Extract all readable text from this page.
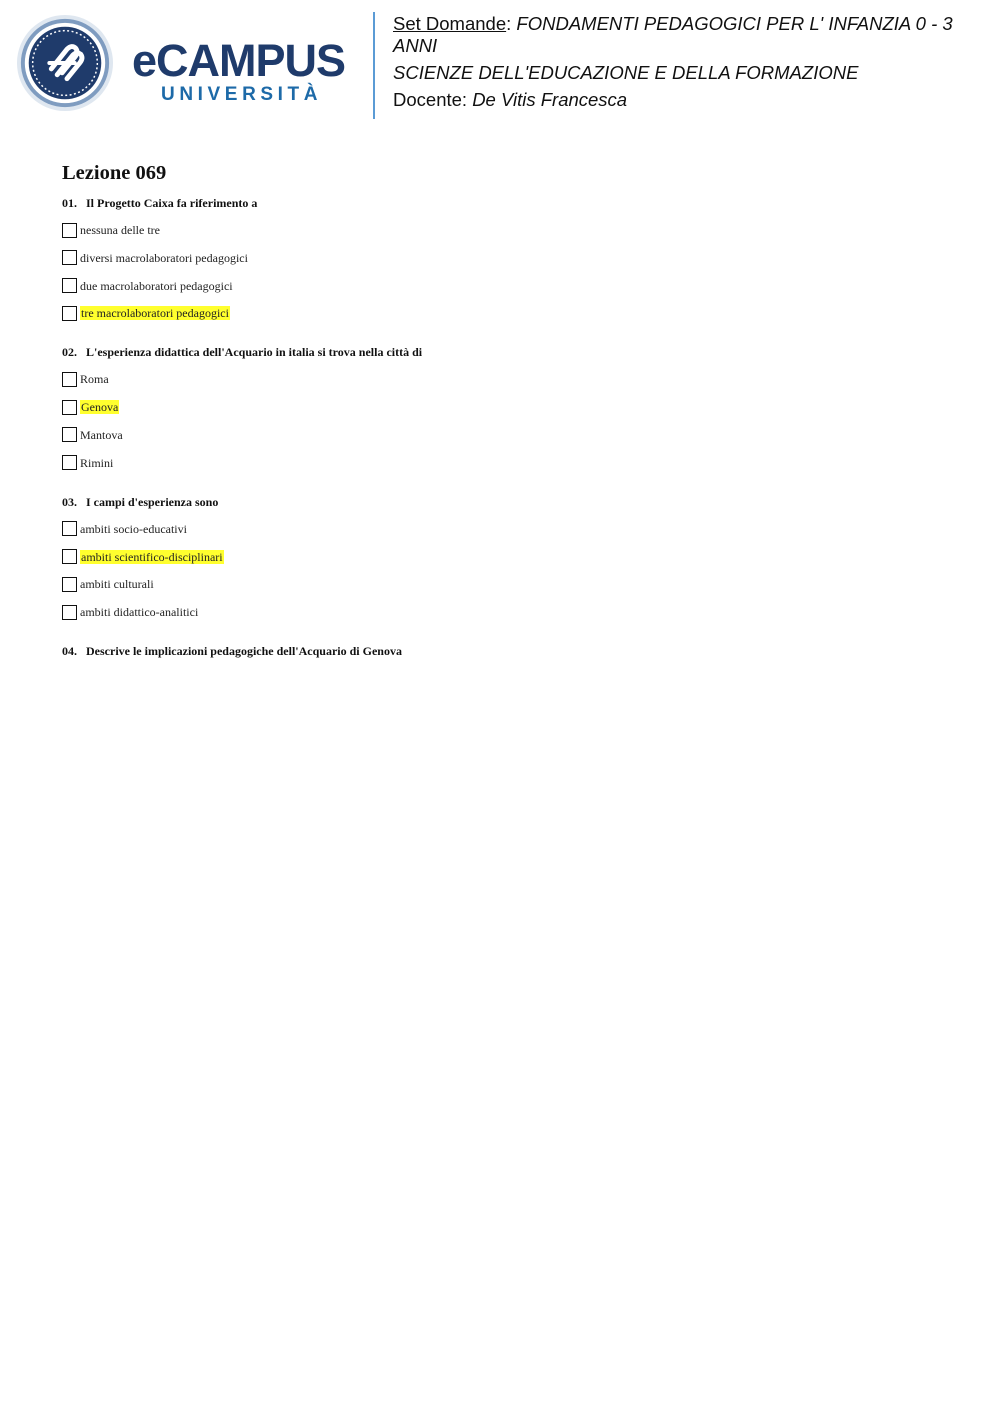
eCAMPUS
UNIVERSITÀ
Set Domande: FONDAMENTI PEDAGOGICI PER L' INFANZIA 0 - 3 ANNI
SCIENZE DELL'EDUCAZIONE E DELLA FORMAZIONE
Docente: De Vitis Francesca
Lezione 069
01. Il Progetto Caixa fa riferimento a
nessuna delle tre
diversi macrolaboratori pedagogici
due macrolaboratori pedagogici
tre macrolaboratori pedagogici
02. L'esperienza didattica dell'Acquario in italia si trova nella città di
Roma
Genova
Mantova
Rimini
03. I campi d'esperienza sono
ambiti socio-educativi
ambiti scientifico-disciplinari
ambiti culturali
ambiti didattico-analitici
04. Descrive le implicazioni pedagogiche dell'Acquario di Genova
